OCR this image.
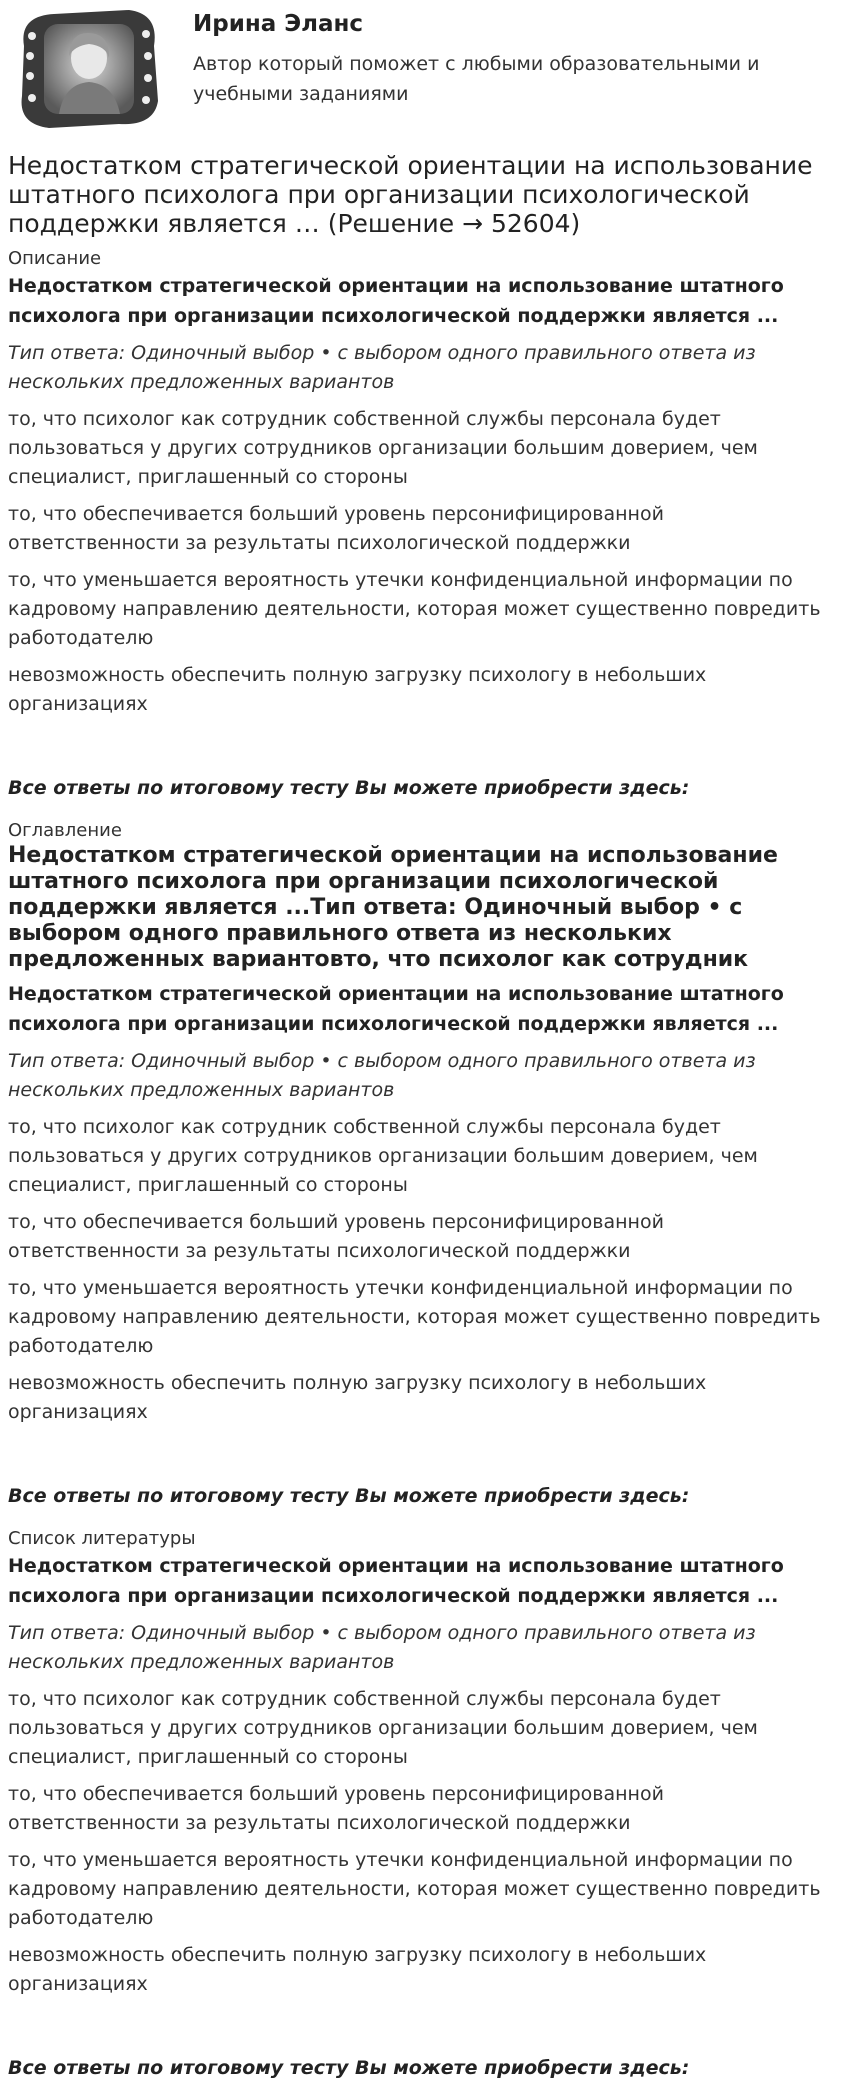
Ирина Эланс
Автор который поможет с любыми образовательными и учебными заданиями
Недостатком стратегической ориентации на использование штатного психолога при организации психологической поддержки является … (Решение → 52604)
Описание
Недостатком стратегической ориентации на использование штатного психолога при организации психологической поддержки является ...
Тип ответа: Одиночный выбор • с выбором одного правильного ответа из нескольких предложенных вариантов
то, что психолог как сотрудник собственной службы персонала будет пользоваться у других сотрудников организации большим доверием, чем специалист, приглашенный со стороны
то, что обеспечивается больший уровень персонифицированной ответственности за результаты психологической поддержки
то, что уменьшается вероятность утечки конфиденциальной информации по кадровому направлению деятельности, которая может существенно повредить работодателю
невозможность обеспечить полную загрузку психологу в небольших организациях
Все ответы по итоговому тесту Вы можете приобрести здесь:
Оглавление
Недостатком стратегической ориентации на использование штатного психолога при организации психологической поддержки является ...Тип ответа: Одиночный выбор • с выбором одного правильного ответа из нескольких предложенных вариантовто, что психолог как сотрудник
Недостатком стратегической ориентации на использование штатного психолога при организации психологической поддержки является ...
Тип ответа: Одиночный выбор • с выбором одного правильного ответа из нескольких предложенных вариантов
то, что психолог как сотрудник собственной службы персонала будет пользоваться у других сотрудников организации большим доверием, чем специалист, приглашенный со стороны
то, что обеспечивается больший уровень персонифицированной ответственности за результаты психологической поддержки
то, что уменьшается вероятность утечки конфиденциальной информации по кадровому направлению деятельности, которая может существенно повредить работодателю
невозможность обеспечить полную загрузку психологу в небольших организациях
Все ответы по итоговому тесту Вы можете приобрести здесь:
Список литературы
Недостатком стратегической ориентации на использование штатного психолога при организации психологической поддержки является ...
Тип ответа: Одиночный выбор • с выбором одного правильного ответа из нескольких предложенных вариантов
то, что психолог как сотрудник собственной службы персонала будет пользоваться у других сотрудников организации большим доверием, чем специалист, приглашенный со стороны
то, что обеспечивается больший уровень персонифицированной ответственности за результаты психологической поддержки
то, что уменьшается вероятность утечки конфиденциальной информации по кадровому направлению деятельности, которая может существенно повредить работодателю
невозможность обеспечить полную загрузку психологу в небольших организациях
Все ответы по итоговому тесту Вы можете приобрести здесь:
